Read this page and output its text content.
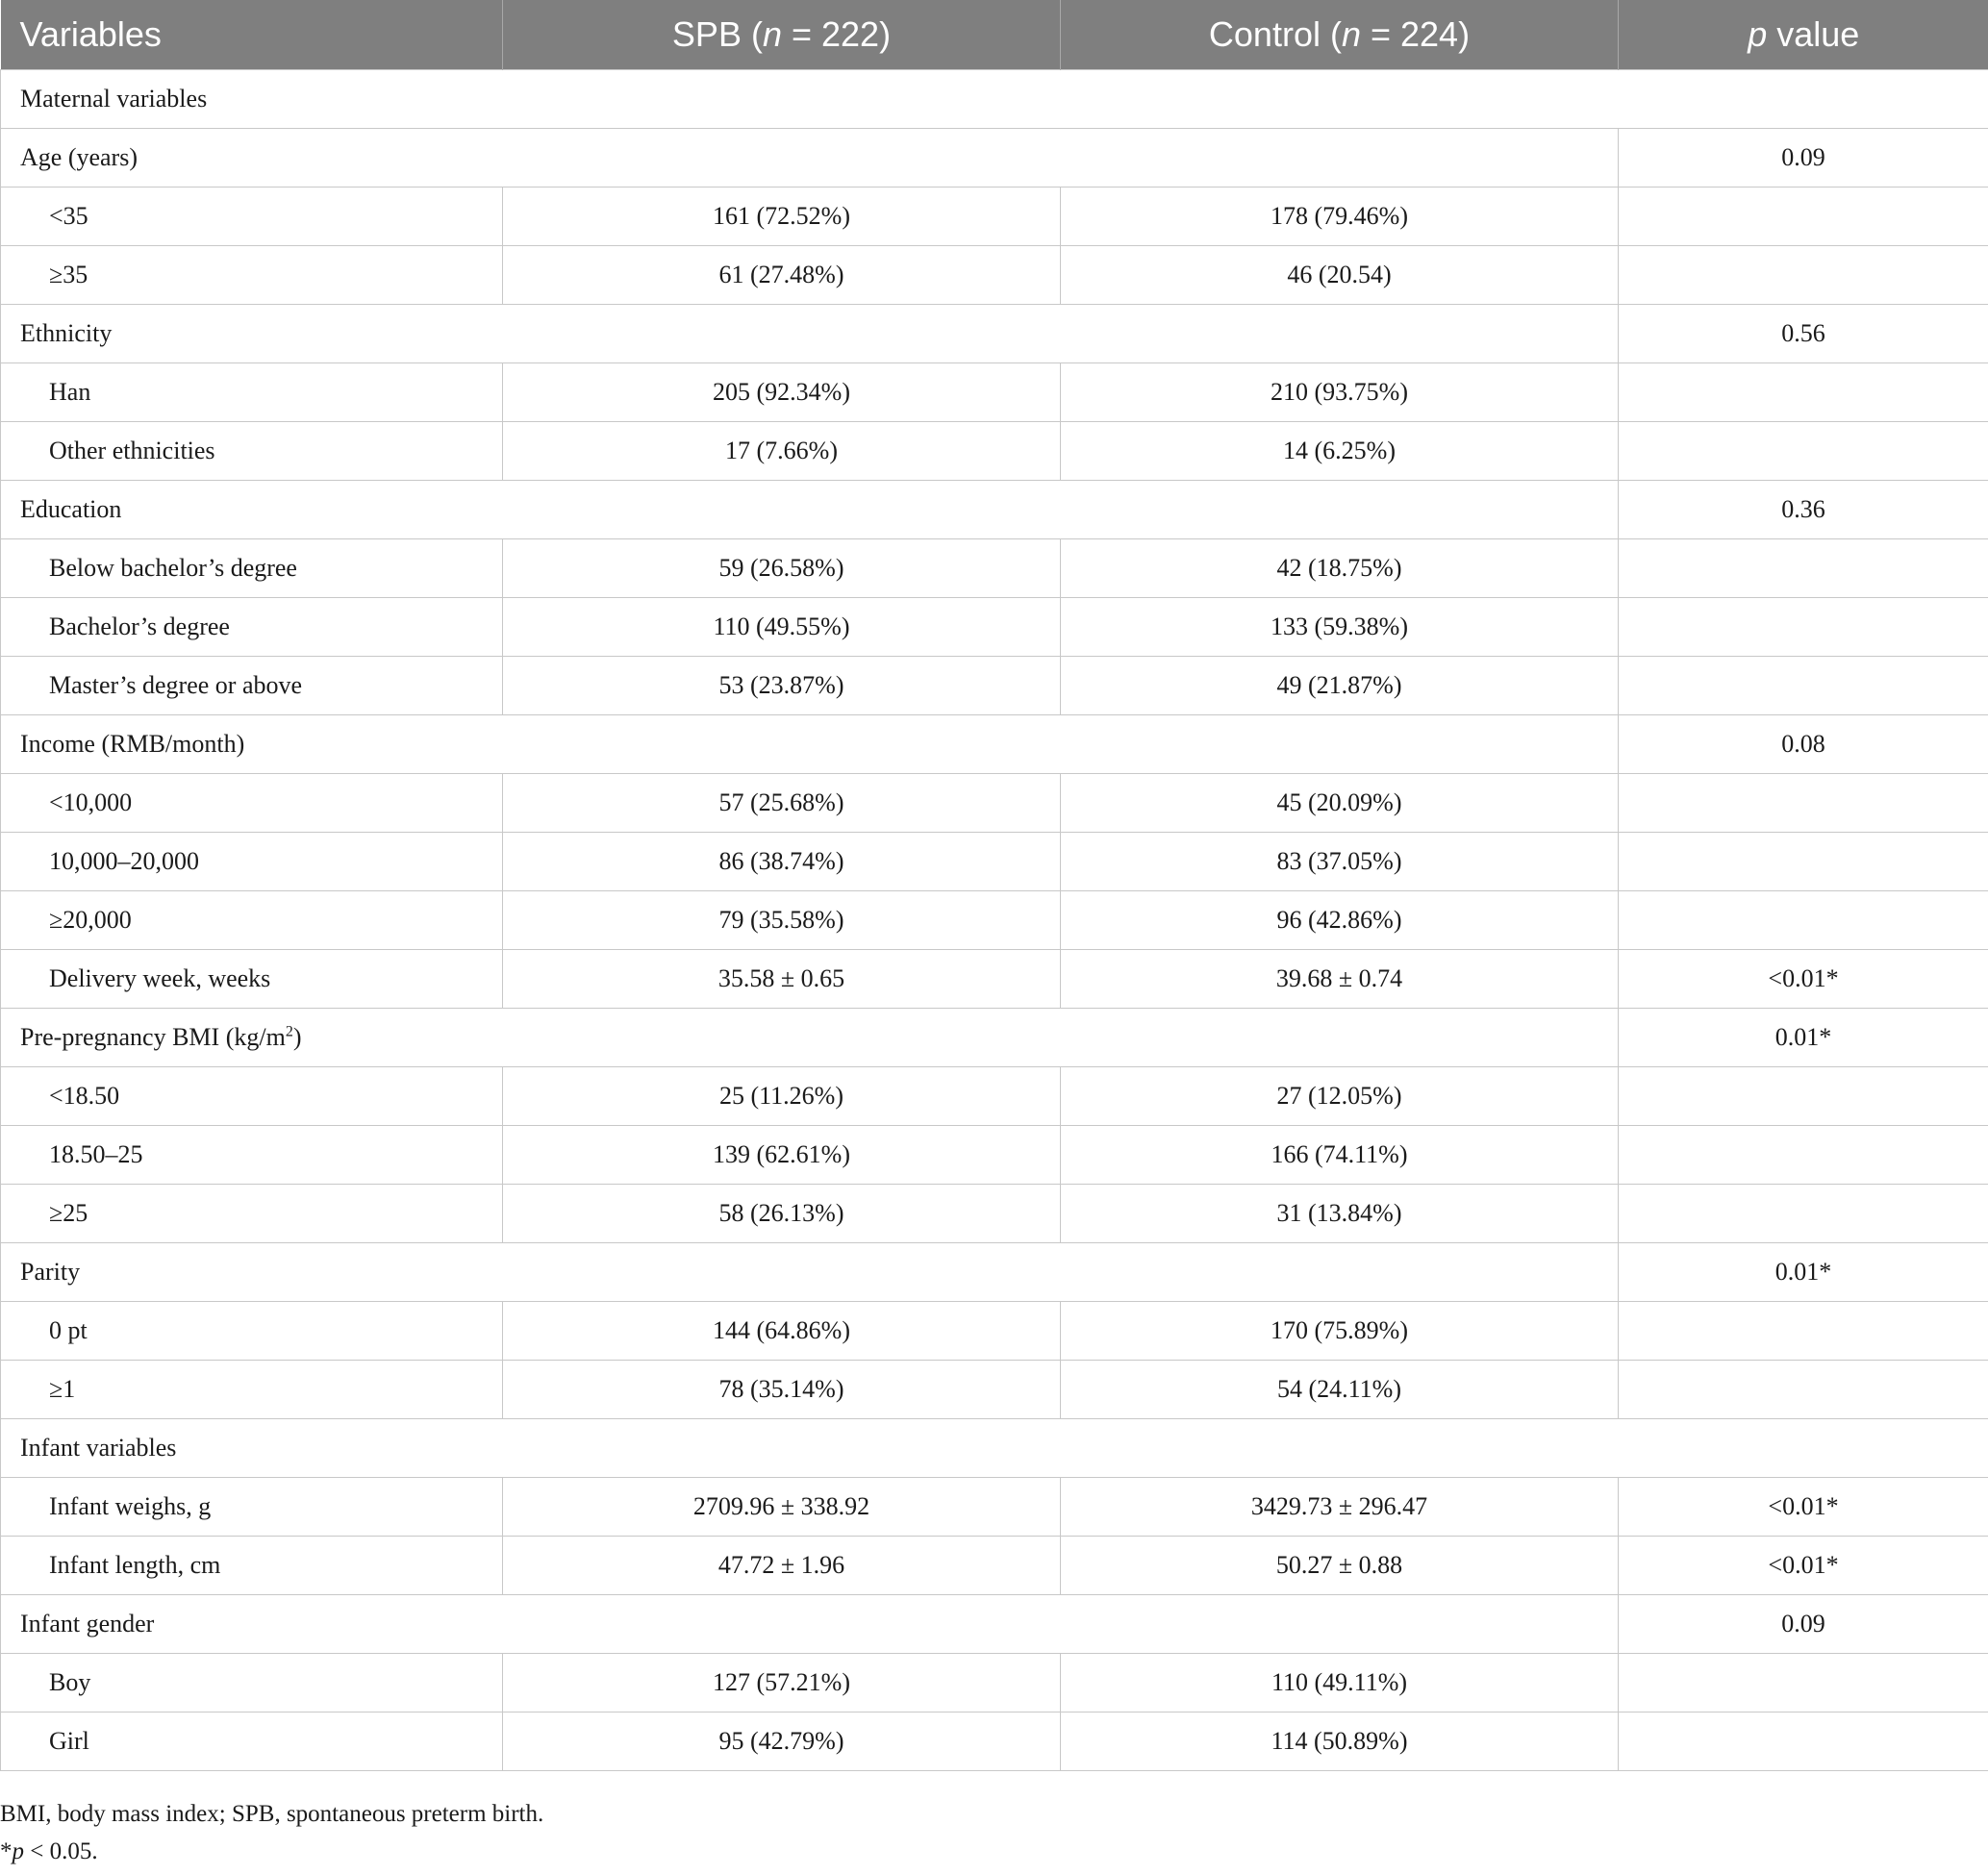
Variables	SPB (n = 222)	Control (n = 224)	p value
Maternal variables			
Age (years)			0.09
<35	161 (72.52%)	178 (79.46%)	
≥35	61 (27.48%)	46 (20.54)	
Ethnicity			0.56
Han	205 (92.34%)	210 (93.75%)	
Other ethnicities	17 (7.66%)	14 (6.25%)	
Education			0.36
Below bachelor’s degree	59 (26.58%)	42 (18.75%)	
Bachelor’s degree	110 (49.55%)	133 (59.38%)	
Master’s degree or above	53 (23.87%)	49 (21.87%)	
Income (RMB/month)			0.08
<10,000	57 (25.68%)	45 (20.09%)	
10,000–20,000	86 (38.74%)	83 (37.05%)	
≥20,000	79 (35.58%)	96 (42.86%)	
Delivery week, weeks	35.58 ± 0.65	39.68 ± 0.74	<0.01*
Pre-pregnancy BMI $(kg/m^2)$			0.01*
<18.50	25 (11.26%)	27 (12.05%)	
18.50–25	139 (62.61%)	166 (74.11%)	
≥25	58 (26.13%)	31 (13.84%)	
Parity			0.01*
0 pt	144 (64.86%)	170 (75.89%)	
≥1	78 (35.14%)	54 (24.11%)	
Infant variables			
Infant weighs, g	2709.96 ± 338.92	3429.73 ± 296.47	<0.01*
Infant length, cm	47.72 ± 1.96	50.27 ± 0.88	<0.01*
Infant gender			0.09
Boy	127 (57.21%)	110 (49.11%)	
Girl	95 (42.79%)	114 (50.89%)	
BMI, body mass index; SPB, spontaneous preterm birth.
*p < 0.05.
